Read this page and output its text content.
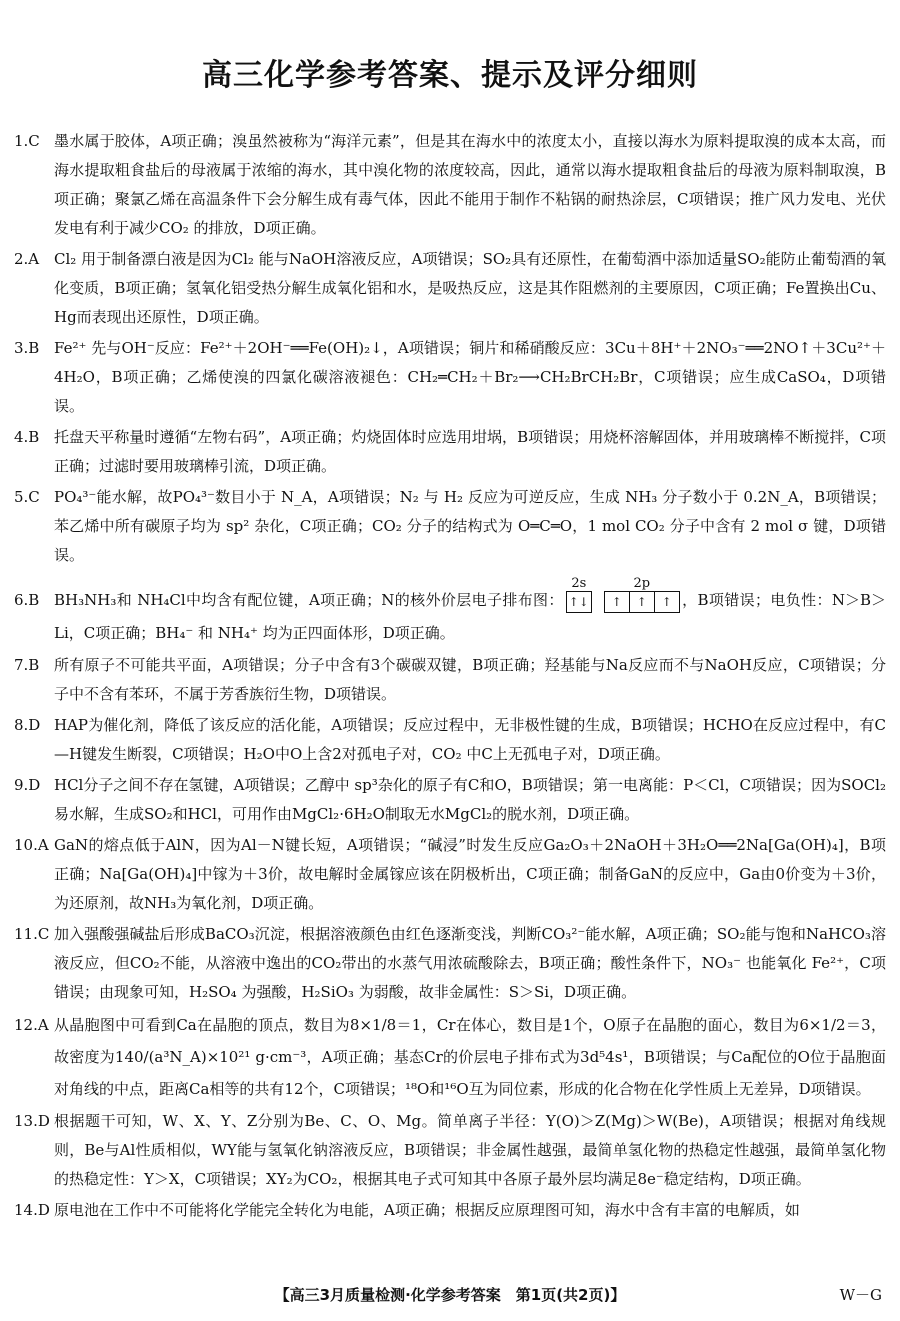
高三化学参考答案、提示及评分细则
1.C 墨水属于胶体，A项正确；溴虽然被称为“海洋元素”，但是其在海水中的浓度太小，直接以海水为原料提取溴的成本太高，而海水提取粗食盐后的母液属于浓缩的海水，其中溴化物的浓度较高，因此，通常以海水提取粗食盐后的母液为原料制取溴，B项正确；聚氯乙烯在高温条件下会分解生成有毒气体，因此不能用于制作不粘锅的耐热涂层，C项错误；推广风力发电、光伏发电有利于减少CO₂ 的排放，D项正确。
2.A Cl₂ 用于制备漂白液是因为Cl₂ 能与NaOH溶液反应，A项错误；SO₂具有还原性，在葡萄酒中添加适量SO₂能防止葡萄酒的氧化变质，B项正确；氢氧化铝受热分解生成氧化铝和水，是吸热反应，这是其作阻燃剂的主要原因，C项正确；Fe置换出Cu、Hg而表现出还原性，D项正确。
3.B Fe²⁺ 先与OH⁻反应：Fe²⁺＋2OH⁻══Fe(OH)₂↓，A项错误；铜片和稀硝酸反应：3Cu＋8H⁺＋2NO₃⁻══2NO↑＋3Cu²⁺＋4H₂O，B项正确；乙烯使溴的四氯化碳溶液褪色：CH₂═CH₂＋Br₂⟶CH₂BrCH₂Br，C项错误；应生成CaSO₄，D项错误。
4.B 托盘天平称量时遵循“左物右码”，A项正确；灼烧固体时应选用坩埚，B项错误；用烧杯溶解固体，并用玻璃棒不断搅拌，C项正确；过滤时要用玻璃棒引流，D项正确。
5.C PO₄³⁻能水解，故PO₄³⁻数目小于 N_A，A项错误；N₂ 与 H₂ 反应为可逆反应，生成 NH₃ 分子数小于 0.2N_A，B项错误；苯乙烯中所有碳原子均为 sp² 杂化，C项正确；CO₂ 分子的结构式为 O═C═O，1 mol CO₂ 分子中含有 2 mol σ 键，D项错误。
6.B BH₃NH₃和 NH₄Cl中均含有配位键，A项正确；N的核外价层电子排布图：
2s
↑↓
2p
↑ ↑ ↑ ，B项错误；电负性：N＞B＞Li，C项正确；BH₄⁻ 和 NH₄⁺ 均为正四面体形，D项正确。
7.B 所有原子不可能共平面，A项错误；分子中含有3个碳碳双键，B项正确；羟基能与Na反应而不与NaOH反应，C项错误；分子中不含有苯环，不属于芳香族衍生物，D项错误。
8.D HAP为催化剂，降低了该反应的活化能，A项错误；反应过程中，无非极性键的生成，B项错误；HCHO在反应过程中，有C—H键发生断裂，C项错误；H₂O中O上含2对孤电子对，CO₂ 中C上无孤电子对，D项正确。
9.D HCl分子之间不存在氢键，A项错误；乙醇中 sp³杂化的原子有C和O，B项错误；第一电离能：P＜Cl，C项错误；因为SOCl₂易水解，生成SO₂和HCl，可用作由MgCl₂·6H₂O制取无水MgCl₂的脱水剂，D项正确。
10.A GaN的熔点低于AlN，因为Al－N键长短，A项错误；“碱浸”时发生反应Ga₂O₃＋2NaOH＋3H₂O══2Na[Ga(OH)₄]，B项正确；Na[Ga(OH)₄]中镓为＋3价，故电解时金属镓应该在阴极析出，C项正确；制备GaN的反应中，Ga由0价变为＋3价，为还原剂，故NH₃为氧化剂，D项正确。
11.C 加入强酸强碱盐后形成BaCO₃沉淀，根据溶液颜色由红色逐渐变浅，判断CO₃²⁻能水解，A项正确；SO₂能与饱和NaHCO₃溶液反应，但CO₂不能，从溶液中逸出的CO₂带出的水蒸气用浓硫酸除去，B项正确；酸性条件下，NO₃⁻ 也能氧化 Fe²⁺，C项错误；由现象可知，H₂SO₄ 为强酸，H₂SiO₃ 为弱酸，故非金属性：S＞Si，D项正确。
12.A 从晶胞图中可看到Ca在晶胞的顶点，数目为8×1/8＝1，Cr在体心，数目是1个，O原子在晶胞的面心，数目为6×1/2＝3，故密度为140/(a³N_A)×10²¹ g·cm⁻³，A项正确；基态Cr的价层电子排布式为3d⁵4s¹，B项错误；与Ca配位的O位于晶胞面对角线的中点，距离Ca相等的共有12个，C项错误；¹⁸O和¹⁶O互为同位素，形成的化合物在化学性质上无差异，D项错误。
13.D 根据题干可知，W、X、Y、Z分别为Be、C、O、Mg。简单离子半径：Y(O)＞Z(Mg)＞W(Be)，A项错误；根据对角线规则，Be与Al性质相似，WY能与氢氧化钠溶液反应，B项错误；非金属性越强，最简单氢化物的热稳定性越强，最简单氢化物的热稳定性：Y＞X，C项错误；XY₂为CO₂，根据其电子式可知其中各原子最外层均满足8e⁻稳定结构，D项正确。
14.D 原电池在工作中不可能将化学能完全转化为电能，A项正确；根据反应原理图可知，海水中含有丰富的电解质，如
【高三3月质量检测·化学参考答案　第1页(共2页)】	W－G
